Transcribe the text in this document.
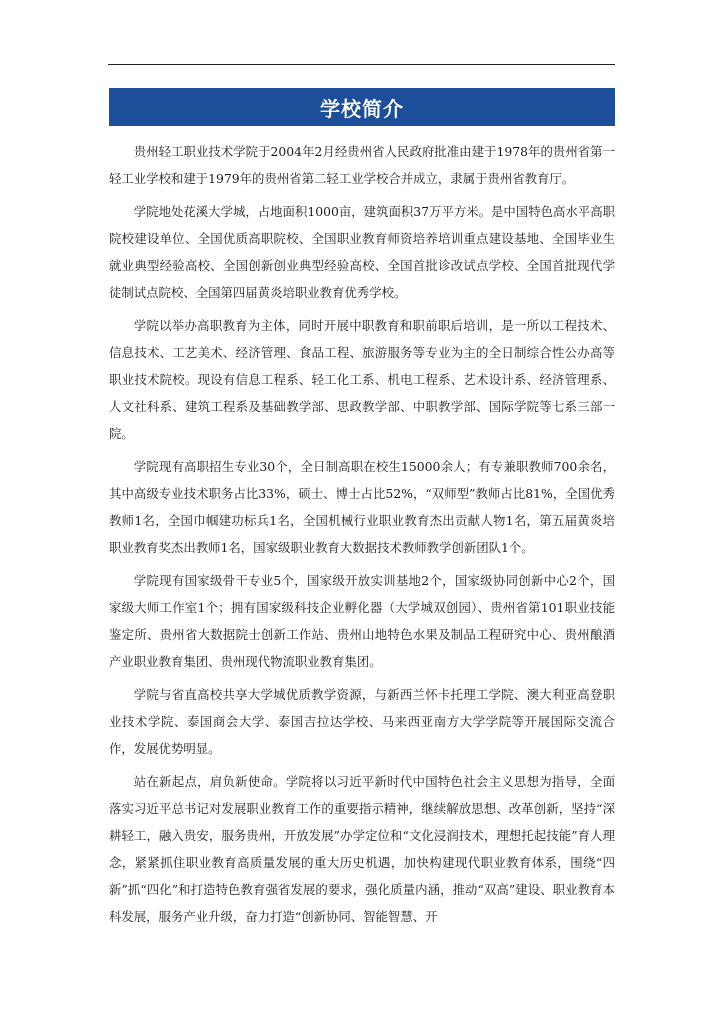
学校简介

贵州轻工职业技术学院于2004年2月经贵州省人民政府批准由建于1978年的贵州省第一轻工业学校和建于1979年的贵州省第二轻工业学校合并成立，隶属于贵州省教育厅。

学院地处花溪大学城，占地面积1000亩，建筑面积37万平方米。是中国特色高水平高职院校建设单位、全国优质高职院校、全国职业教育师资培养培训重点建设基地、全国毕业生就业典型经验高校、全国创新创业典型经验高校、全国首批诊改试点学校、全国首批现代学徒制试点院校、全国第四届黄炎培职业教育优秀学校。

学院以举办高职教育为主体，同时开展中职教育和职前职后培训，是一所以工程技术、信息技术、工艺美术、经济管理、食品工程、旅游服务等专业为主的全日制综合性公办高等职业技术院校。现设有信息工程系、轻工化工系、机电工程系、艺术设计系、经济管理系、人文社科系、建筑工程系及基础教学部、思政教学部、中职教学部、国际学院等七系三部一院。

学院现有高职招生专业30个，全日制高职在校生15000余人；有专兼职教师700余名，其中高级专业技术职务占比33%，硕士、博士占比52%，“双师型”教师占比81%，全国优秀教师1名，全国巾帼建功标兵1名，全国机械行业职业教育杰出贡献人物1名，第五届黄炎培职业教育奖杰出教师1名，国家级职业教育大数据技术教师教学创新团队1个。

学院现有国家级骨干专业5个，国家级开放实训基地2个，国家级协同创新中心2个，国家级大师工作室1个；拥有国家级科技企业孵化器（大学城双创园）、贵州省第101职业技能鉴定所、贵州省大数据院士创新工作站、贵州山地特色水果及制品工程研究中心、贵州酿酒产业职业教育集团、贵州现代物流职业教育集团。

学院与省直高校共享大学城优质教学资源，与新西兰怀卡托理工学院、澳大利亚高登职业技术学院、泰国商会大学、泰国吉拉达学校、马来西亚南方大学学院等开展国际交流合作，发展优势明显。

站在新起点，肩负新使命。学院将以习近平新时代中国特色社会主义思想为指导，全面落实习近平总书记对发展职业教育工作的重要指示精神，继续解放思想、改革创新，坚持“深耕轻工，融入贵安，服务贵州，开放发展”办学定位和“文化浸润技术，理想托起技能”育人理念，紧紧抓住职业教育高质量发展的重大历史机遇，加快构建现代职业教育体系，围绕“四新”抓“四化”和打造特色教育强省发展的要求，强化质量内涵，推动“双高”建设、职业教育本科发展，服务产业升级，奋力打造“创新协同、智能智慧、开
